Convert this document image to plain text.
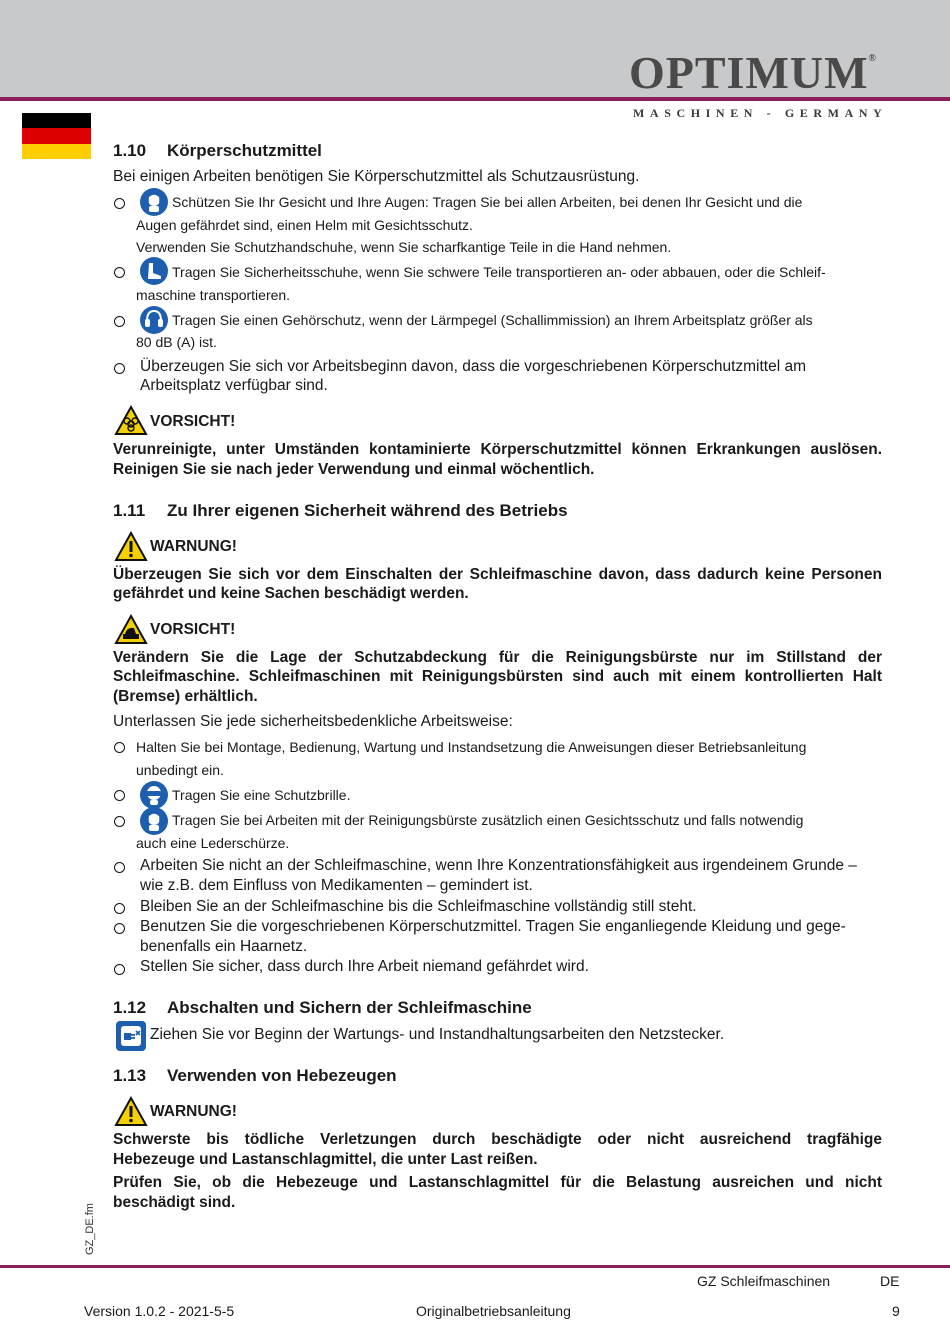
OPTIMUM®
MASCHINEN - GERMANY
GZ_DE.fm
1.10 Körperschutzmittel
Bei einigen Arbeiten benötigen Sie Körperschutzmittel als Schutzausrüstung.
Schützen Sie Ihr Gesicht und Ihre Augen: Tragen Sie bei allen Arbeiten, bei denen Ihr Gesicht und die
Augen gefährdet sind, einen Helm mit Gesichtsschutz.
Verwenden Sie Schutzhandschuhe, wenn Sie scharfkantige Teile in die Hand nehmen.
Tragen Sie Sicherheitsschuhe, wenn Sie schwere Teile transportieren an- oder abbauen, oder die Schleif-
maschine transportieren.
Tragen Sie einen Gehörschutz, wenn der Lärmpegel (Schallimmission) an Ihrem Arbeitsplatz größer als
80 dB (A) ist.
Überzeugen Sie sich vor Arbeitsbeginn davon, dass die vorgeschriebenen Körperschutzmittel am
Arbeitsplatz verfügbar sind.
VORSICHT!
Verunreinigte, unter Umständen kontaminierte Körperschutzmittel können Erkrankungen auslösen.
Reinigen Sie sie nach jeder Verwendung und einmal wöchentlich.
1.11 Zu Ihrer eigenen Sicherheit während des Betriebs
WARNUNG!
Überzeugen Sie sich vor dem Einschalten der Schleifmaschine davon, dass dadurch keine Personen
gefährdet und keine Sachen beschädigt werden.
VORSICHT!
Verändern Sie die Lage der Schutzabdeckung für die Reinigungsbürste nur im Stillstand der
Schleifmaschine. Schleifmaschinen mit Reinigungsbürsten sind auch mit einem kontrollierten Halt
(Bremse) erhältlich.
Unterlassen Sie jede sicherheitsbedenkliche Arbeitsweise:
Halten Sie bei Montage, Bedienung, Wartung und Instandsetzung die Anweisungen dieser Betriebsanleitung
unbedingt ein.
Tragen Sie eine Schutzbrille.
Tragen Sie bei Arbeiten mit der Reinigungsbürste zusätzlich einen Gesichtsschutz und falls notwendig
auch eine Lederschürze.
Arbeiten Sie nicht an der Schleifmaschine, wenn Ihre Konzentrationsfähigkeit aus irgendeinem Grunde –
wie z.B. dem Einfluss von Medikamenten – gemindert ist.
Bleiben Sie an der Schleifmaschine bis die Schleifmaschine vollständig still steht.
Benutzen Sie die vorgeschriebenen Körperschutzmittel. Tragen Sie enganliegende Kleidung und gege-
benenfalls ein Haarnetz.
Stellen Sie sicher, dass durch Ihre Arbeit niemand gefährdet wird.
1.12 Abschalten und Sichern der Schleifmaschine
Ziehen Sie vor Beginn der Wartungs- und Instandhaltungsarbeiten den Netzstecker.
1.13 Verwenden von Hebezeugen
WARNUNG!
Schwerste bis tödliche Verletzungen durch beschädigte oder nicht ausreichend tragfähige
Hebezeuge und Lastanschlagmittel, die unter Last reißen.
Prüfen Sie, ob die Hebezeuge und Lastanschlagmittel für die Belastung ausreichen und nicht
beschädigt sind.
GZ Schleifmaschinen	DE
Version 1.0.2 - 2021-5-5	Originalbetriebsanleitung	9
